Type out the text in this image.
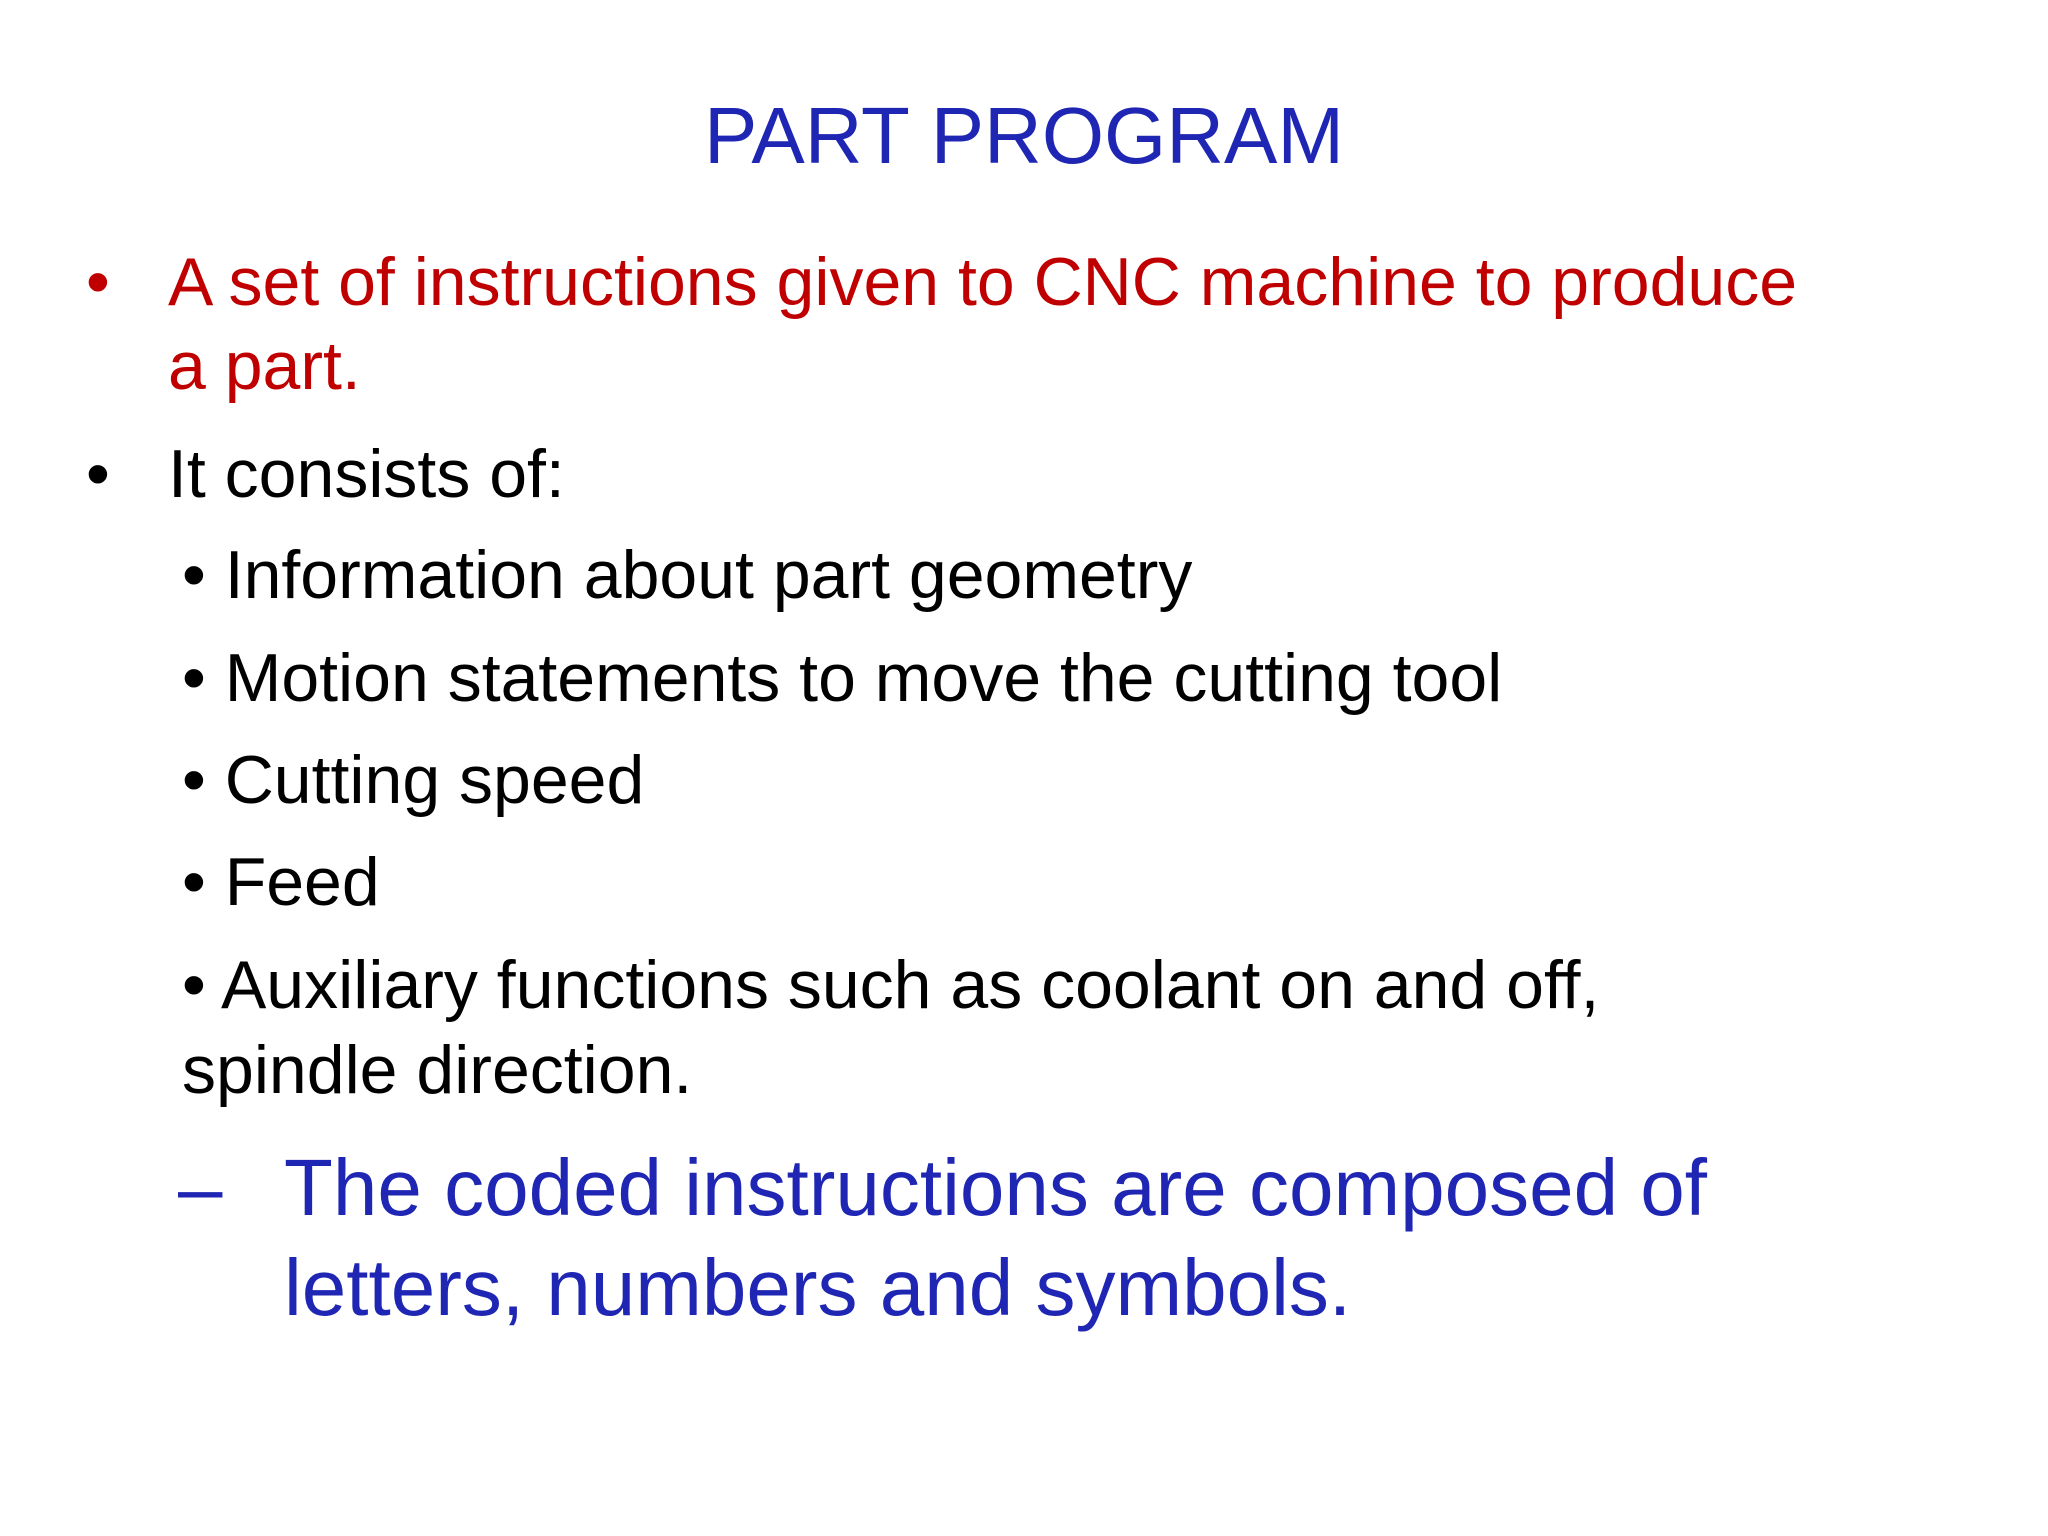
PART PROGRAM
• A set of instructions given to CNC machine to produce
a part.
• It consists of:
• Information about part geometry
• Motion statements to move the cutting tool
• Cutting speed
• Feed
• Auxiliary functions such as coolant on and off,
spindle direction.
– The coded instructions are composed of
letters, numbers and symbols.
